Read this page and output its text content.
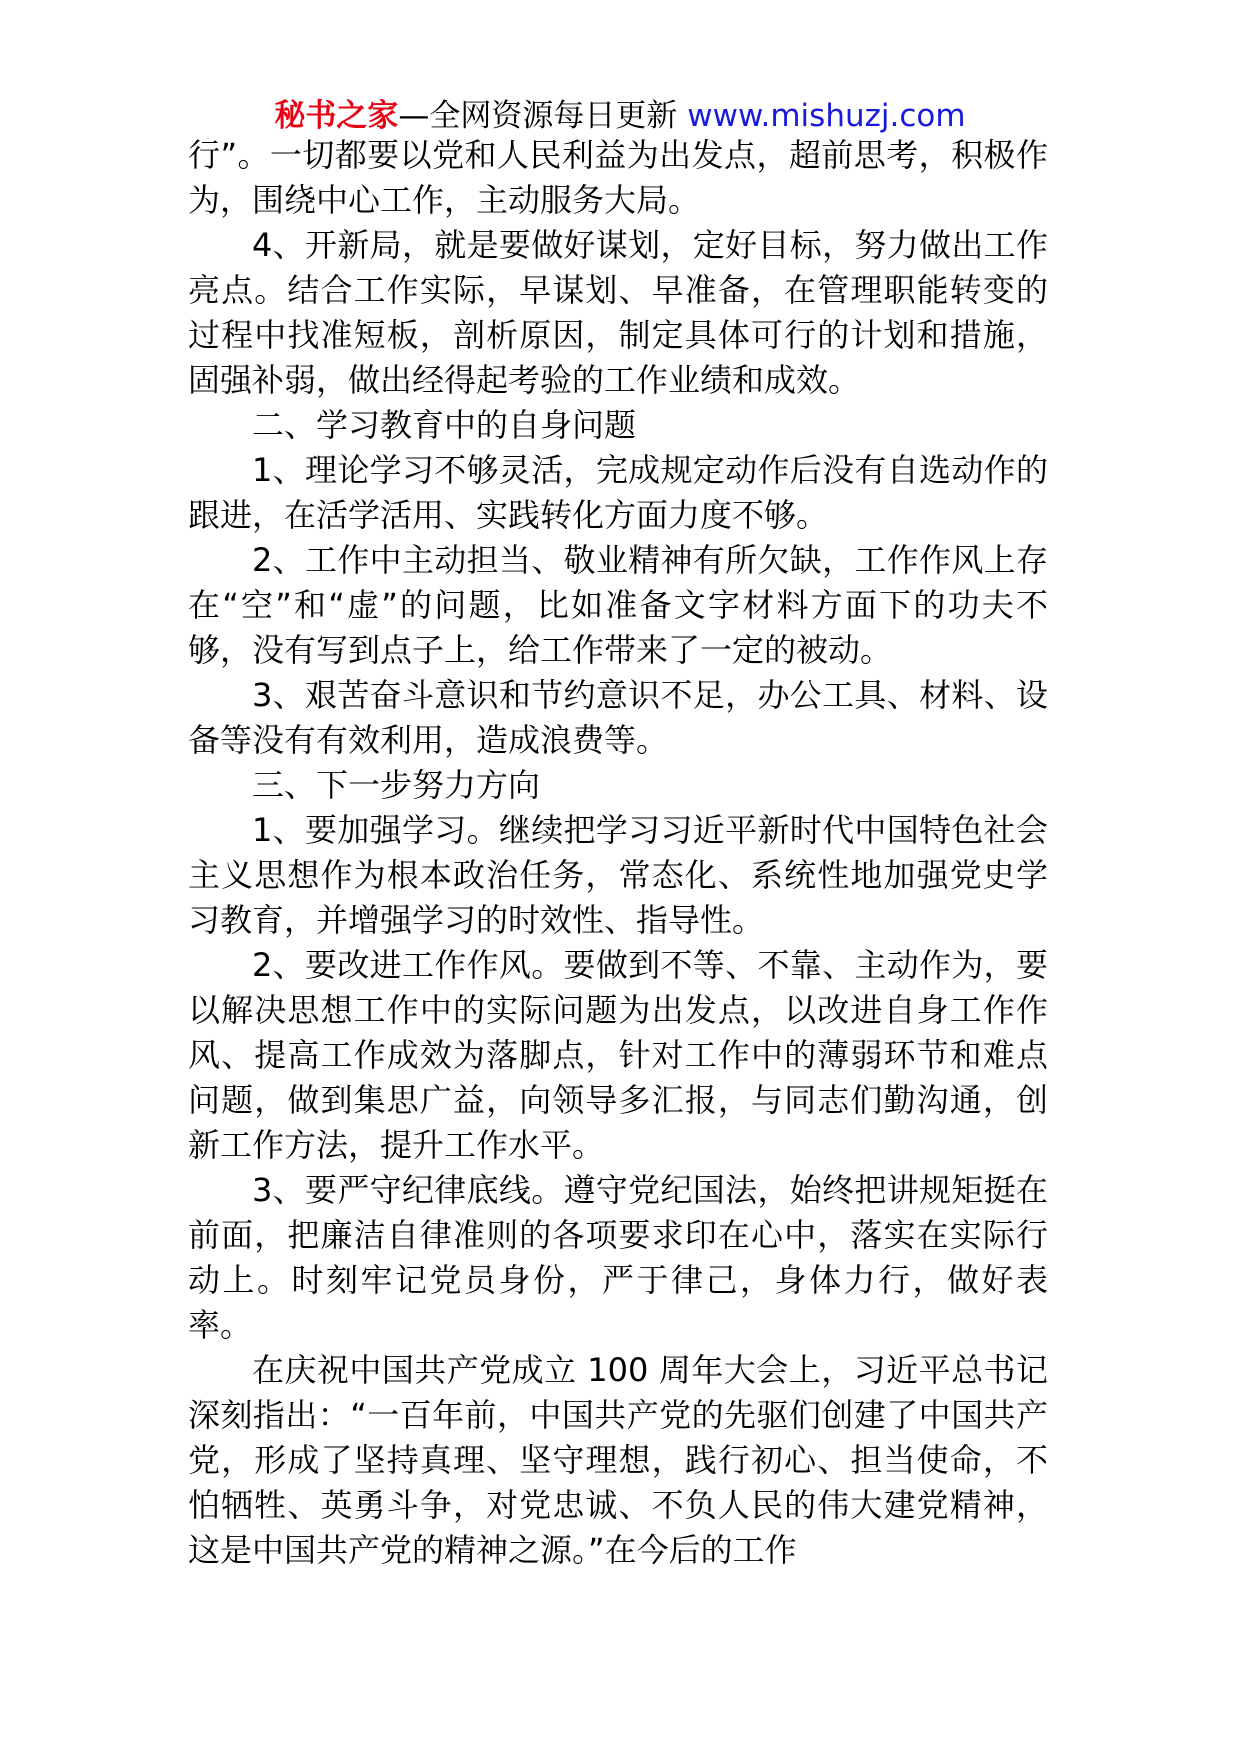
秘书之家—全网资源每日更新 www.mishuzj.com

行”。一切都要以党和人民利益为出发点，超前思考，积极作为，围绕中心工作，主动服务大局。

4、开新局，就是要做好谋划，定好目标，努力做出工作亮点。结合工作实际，早谋划、早准备，在管理职能转变的过程中找准短板，剖析原因，制定具体可行的计划和措施，固强补弱，做出经得起考验的工作业绩和成效。

二、学习教育中的自身问题

1、理论学习不够灵活，完成规定动作后没有自选动作的跟进，在活学活用、实践转化方面力度不够。

2、工作中主动担当、敬业精神有所欠缺，工作作风上存在“空”和“虚”的问题，比如准备文字材料方面下的功夫不够，没有写到点子上，给工作带来了一定的被动。

3、艰苦奋斗意识和节约意识不足，办公工具、材料、设备等没有有效利用，造成浪费等。

三、下一步努力方向

1、要加强学习。继续把学习习近平新时代中国特色社会主义思想作为根本政治任务，常态化、系统性地加强党史学习教育，并增强学习的时效性、指导性。

2、要改进工作作风。要做到不等、不靠、主动作为，要以解决思想工作中的实际问题为出发点，以改进自身工作作风、提高工作成效为落脚点，针对工作中的薄弱环节和难点问题，做到集思广益，向领导多汇报，与同志们勤沟通，创新工作方法，提升工作水平。

3、要严守纪律底线。遵守党纪国法，始终把讲规矩挺在前面，把廉洁自律准则的各项要求印在心中，落实在实际行动上。时刻牢记党员身份，严于律己，身体力行，做好表率。

在庆祝中国共产党成立 100 周年大会上，习近平总书记深刻指出：“一百年前，中国共产党的先驱们创建了中国共产党，形成了坚持真理、坚守理想，践行初心、担当使命，不怕牺牲、英勇斗争，对党忠诚、不负人民的伟大建党精神，这是中国共产党的精神之源。”在今后的工作
